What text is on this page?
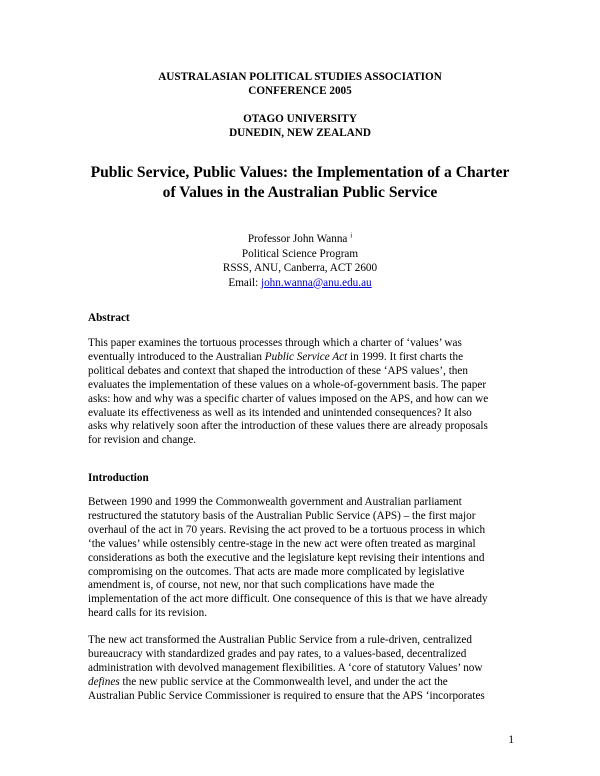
AUSTRALASIAN POLITICAL STUDIES ASSOCIATION
CONFERENCE 2005
OTAGO UNIVERSITY
DUNEDIN, NEW ZEALAND
Public Service, Public Values: the Implementation of a Charter
of Values in the Australian Public Service
Professor John Wanna $^i$
Political Science Program
RSSS, ANU, Canberra, ACT 2600
Email: john.wanna@anu.edu.au
Abstract
This paper examines the tortuous processes through which a charter of ‘values’ was
eventually introduced to the Australian Public Service Act in 1999. It first charts the
political debates and context that shaped the introduction of these ‘APS values’, then
evaluates the implementation of these values on a whole-of-government basis. The paper
asks: how and why was a specific charter of values imposed on the APS, and how can we
evaluate its effectiveness as well as its intended and unintended consequences? It also
asks why relatively soon after the introduction of these values there are already proposals
for revision and change.
Introduction
Between 1990 and 1999 the Commonwealth government and Australian parliament
restructured the statutory basis of the Australian Public Service (APS) – the first major
overhaul of the act in 70 years. Revising the act proved to be a tortuous process in which
‘the values’ while ostensibly centre-stage in the new act were often treated as marginal
considerations as both the executive and the legislature kept revising their intentions and
compromising on the outcomes. That acts are made more complicated by legislative
amendment is, of course, not new, nor that such complications have made the
implementation of the act more difficult. One consequence of this is that we have already
heard calls for its revision.
The new act transformed the Australian Public Service from a rule-driven, centralized
bureaucracy with standardized grades and pay rates, to a values-based, decentralized
administration with devolved management flexibilities. A ‘core of statutory Values’ now
defines the new public service at the Commonwealth level, and under the act the
Australian Public Service Commissioner is required to ensure that the APS ‘incorporates
1
